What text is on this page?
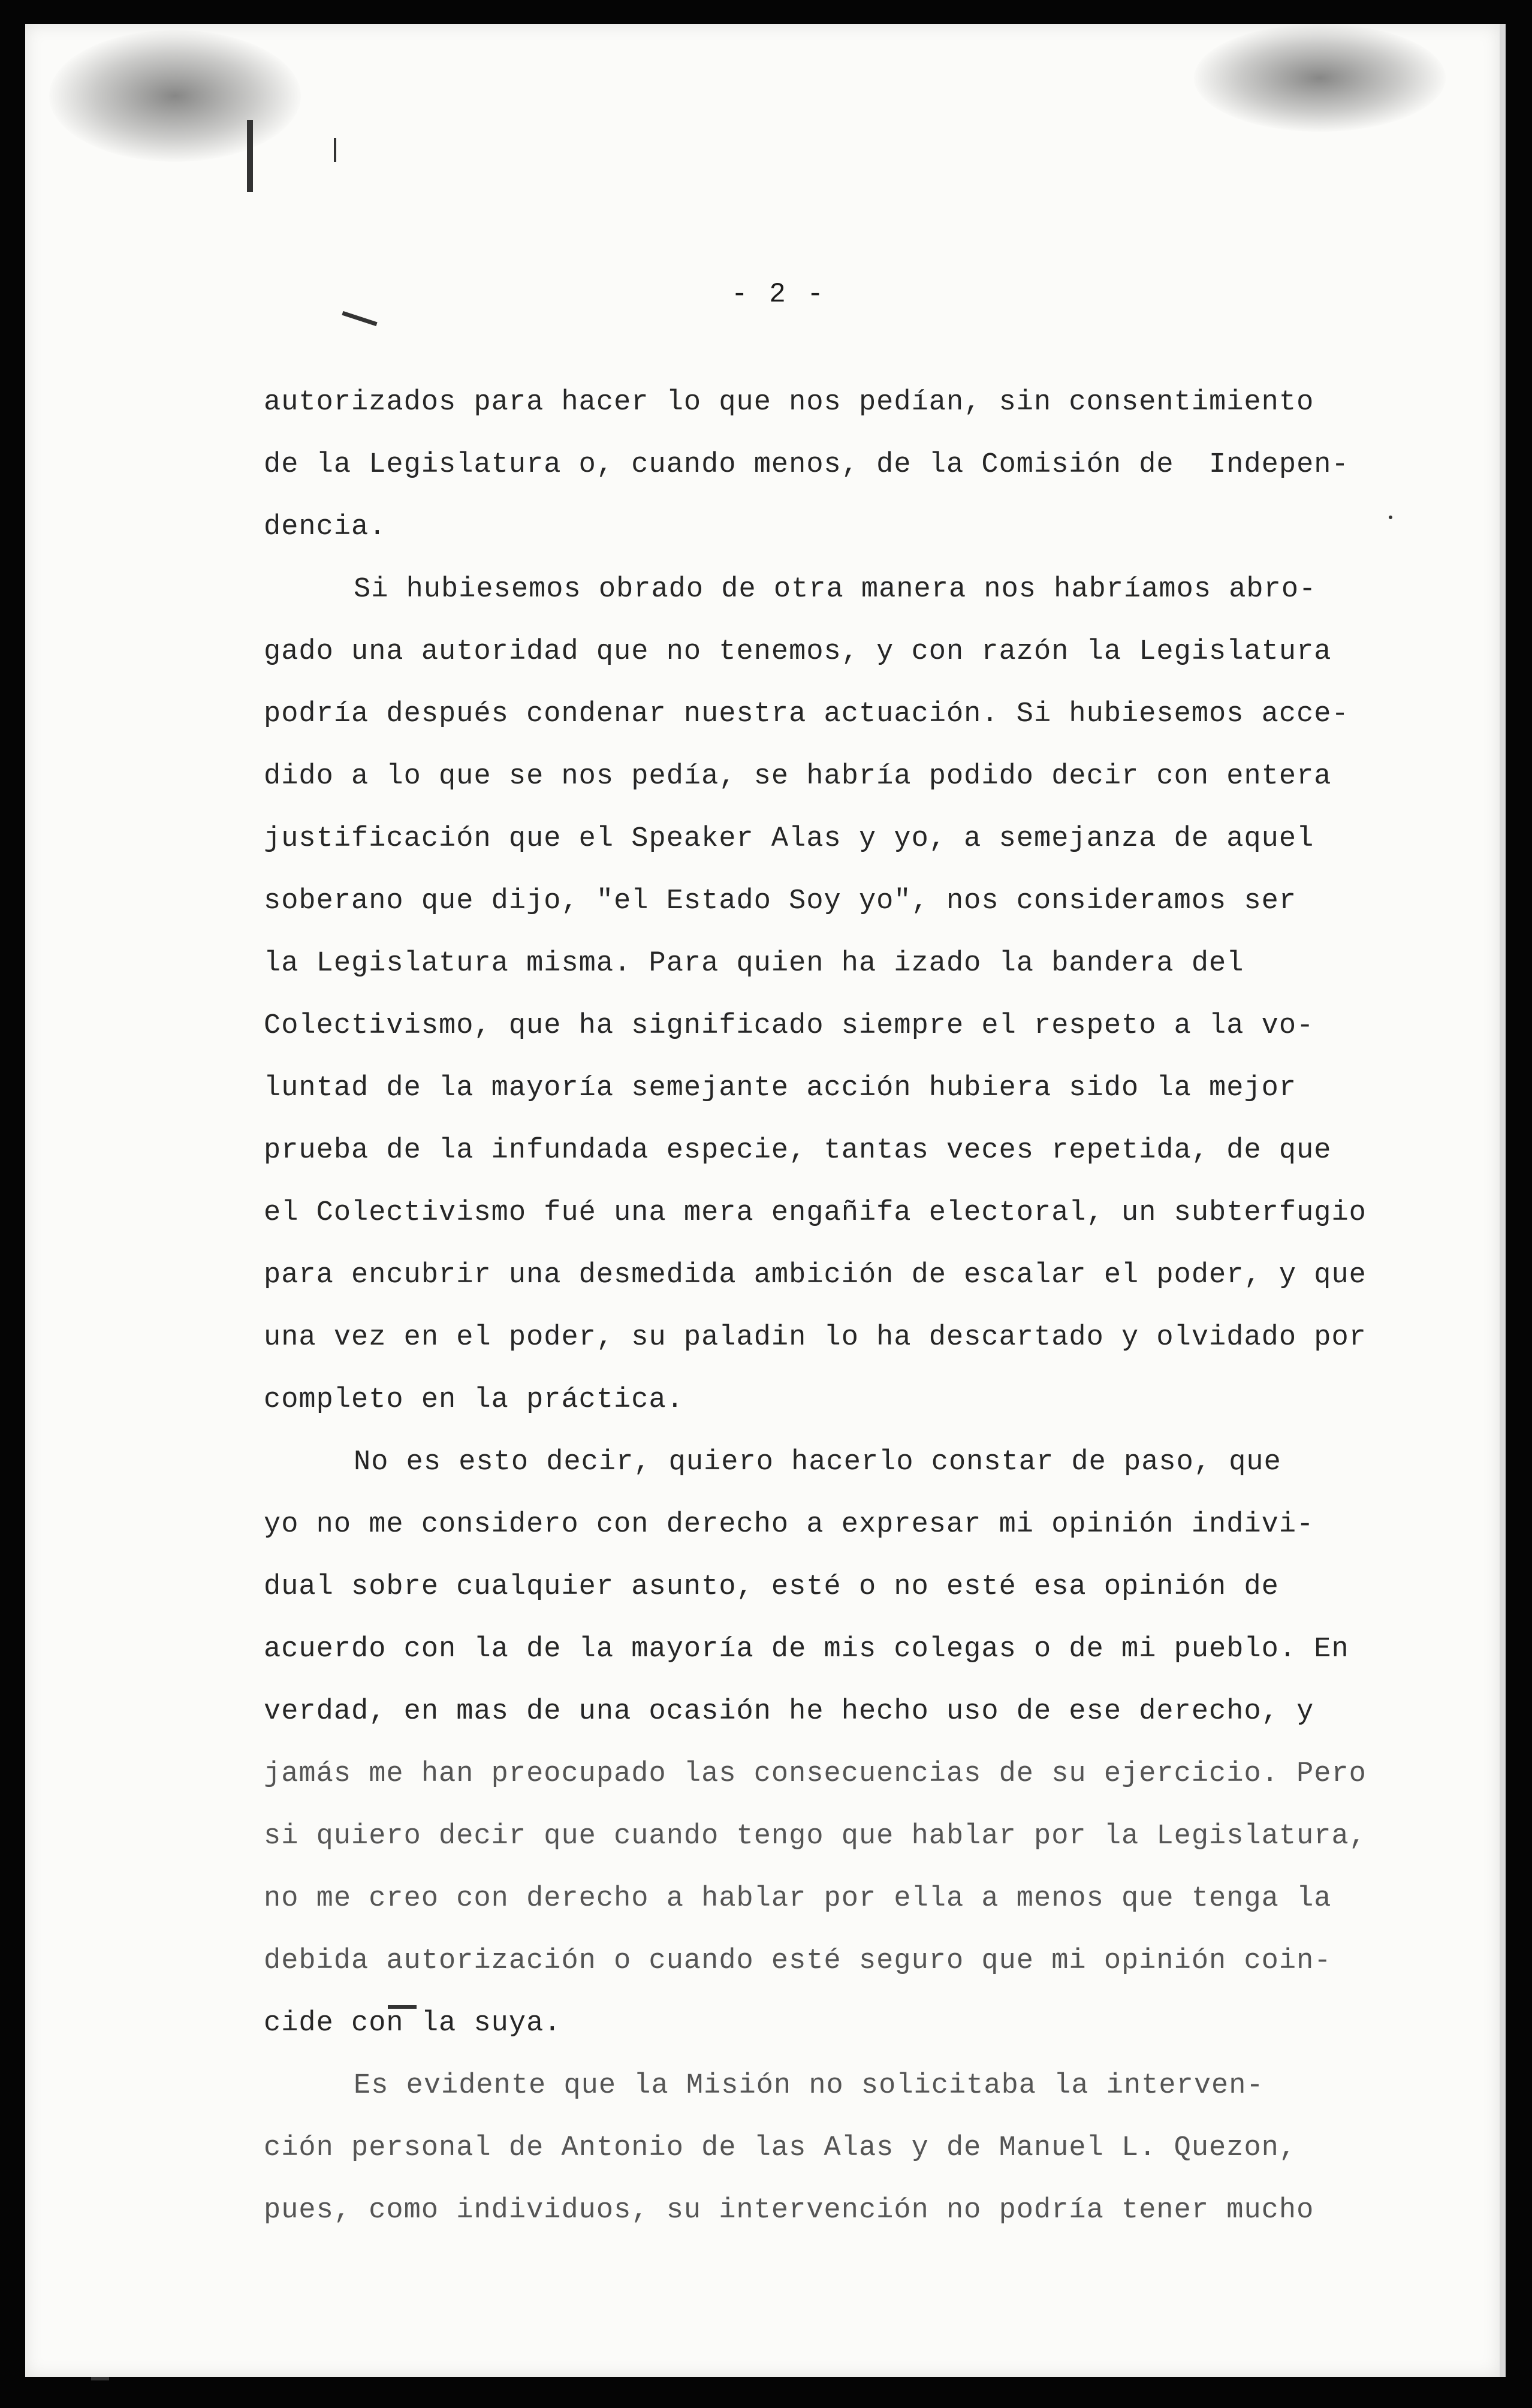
- 2 -
autorizados para hacer lo que nos pedían, sin consentimiento
de la Legislatura o, cuando menos, de la Comisión de  Indepen-
dencia.
Si hubiesemos obrado de otra manera nos habríamos abro-
gado una autoridad que no tenemos, y con razón la Legislatura
podría después condenar nuestra actuación. Si hubiesemos acce-
dido a lo que se nos pedía, se habría podido decir con entera
justificación que el Speaker Alas y yo, a semejanza de aquel
soberano que dijo, "el Estado Soy yo", nos consideramos ser
la Legislatura misma. Para quien ha izado la bandera del
Colectivismo, que ha significado siempre el respeto a la vo-
luntad de la mayoría semejante acción hubiera sido la mejor
prueba de la infundada especie, tantas veces repetida, de que
el Colectivismo fué una mera engañifa electoral, un subterfugio
para encubrir una desmedida ambición de escalar el poder, y que
una vez en el poder, su paladin lo ha descartado y olvidado por
completo en la práctica.
No es esto decir, quiero hacerlo constar de paso, que
yo no me considero con derecho a expresar mi opinión indivi-
dual sobre cualquier asunto, esté o no esté esa opinión de
acuerdo con la de la mayoría de mis colegas o de mi pueblo. En
verdad, en mas de una ocasión he hecho uso de ese derecho, y
jamás me han preocupado las consecuencias de su ejercicio. Pero
si quiero decir que cuando tengo que hablar por la Legislatura,
no me creo con derecho a hablar por ella a menos que tenga la
debida autorización o cuando esté seguro que mi opinión coin-
cide con la suya.
Es evidente que la Misión no solicitaba la interven-
ción personal de Antonio de las Alas y de Manuel L. Quezon,
pues, como individuos, su intervención no podría tener mucho
